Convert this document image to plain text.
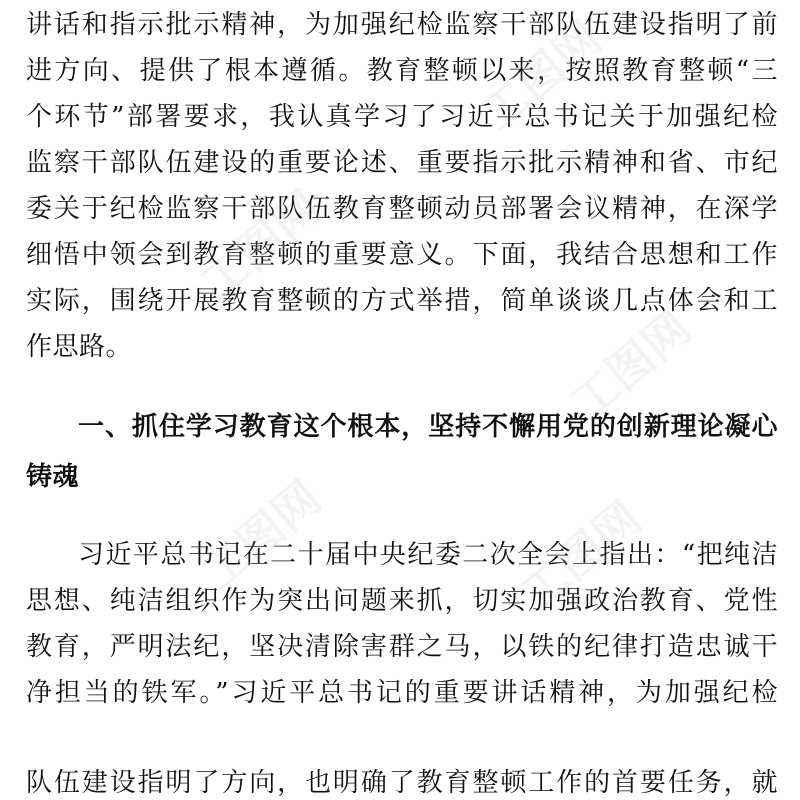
讲话和指示批示精神，为加强纪检监察干部队伍建设指明了前
进方向、提供了根本遵循。教育整顿以来，按照教育整顿“三
个环节”部署要求，我认真学习了习近平总书记关于加强纪检
监察干部队伍建设的重要论述、重要指示批示精神和省、市纪
委关于纪检监察干部队伍教育整顿动员部署会议精神，在深学
细悟中领会到教育整顿的重要意义。下面，我结合思想和工作
实际，围绕开展教育整顿的方式举措，简单谈谈几点体会和工
作思路。
一、抓住学习教育这个根本，坚持不懈用党的创新理论凝心
铸魂
习近平总书记在二十届中央纪委二次全会上指出：“把纯洁
思想、纯洁组织作为突出问题来抓，切实加强政治教育、党性
教育，严明法纪，坚决清除害群之马，以铁的纪律打造忠诚干
净担当的铁军。”习近平总书记的重要讲话精神，为加强纪检
队伍建设指明了方向，也明确了教育整顿工作的首要任务，就
工图网
工图网
工图网
工图网
工图网
